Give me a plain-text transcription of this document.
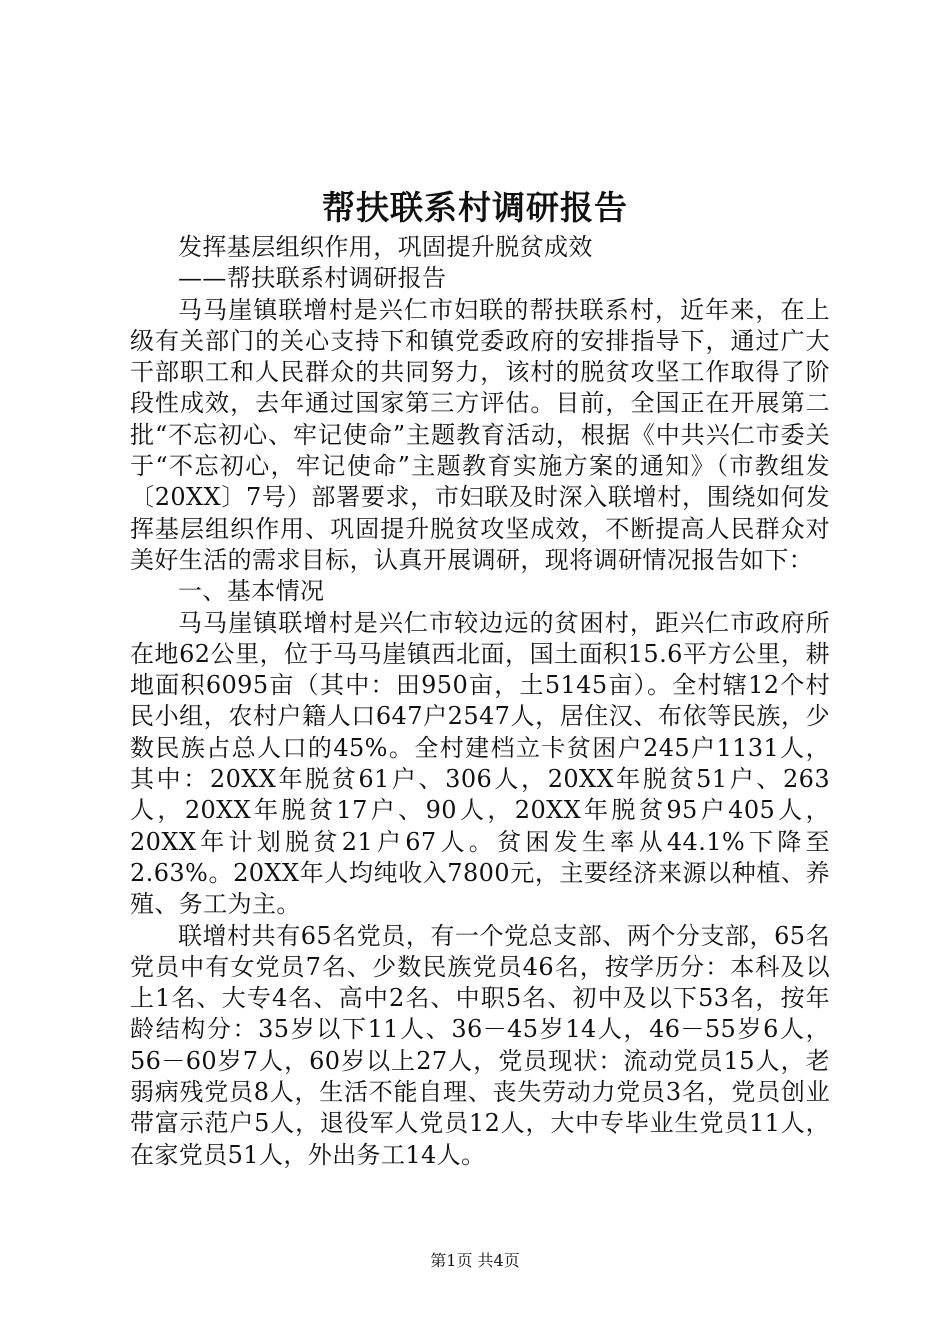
帮扶联系村调研报告

发挥基层组织作用，巩固提升脱贫成效

——帮扶联系村调研报告

马马崖镇联增村是兴仁市妇联的帮扶联系村，近年来，在上级有关部门的关心支持下和镇党委政府的安排指导下，通过广大干部职工和人民群众的共同努力，该村的脱贫攻坚工作取得了阶段性成效，去年通过国家第三方评估。目前，全国正在开展第二批“不忘初心、牢记使命”主题教育活动，根据《中共兴仁市委关于“不忘初心，牢记使命”主题教育实施方案的通知》（市教组发〔20XX〕7号）部署要求，市妇联及时深入联增村，围绕如何发挥基层组织作用、巩固提升脱贫攻坚成效，不断提高人民群众对美好生活的需求目标，认真开展调研，现将调研情况报告如下：

一、基本情况

马马崖镇联增村是兴仁市较边远的贫困村，距兴仁市政府所在地62公里，位于马马崖镇西北面，国土面积15.6平方公里，耕地面积6095亩（其中：田950亩，土5145亩）。全村辖12个村民小组，农村户籍人口647户2547人，居住汉、布依等民族，少数民族占总人口的45%。全村建档立卡贫困户245户1131人，其中：20XX年脱贫61户、306人，20XX年脱贫51户、263人，20XX年脱贫17户、90人，20XX年脱贫95户405人，20XX年计划脱贫21户67人。贫困发生率从44.1%下降至2.63%。20XX年人均纯收入7800元，主要经济来源以种植、养殖、务工为主。

联增村共有65名党员，有一个党总支部、两个分支部，65名党员中有女党员7名、少数民族党员46名，按学历分：本科及以上1名、大专4名、高中2名、中职5名、初中及以下53名，按年龄结构分：35岁以下11人、36－45岁14人，46－55岁6人，56－60岁7人，60岁以上27人，党员现状：流动党员15人，老弱病残党员8人，生活不能自理、丧失劳动力党员3名，党员创业带富示范户5人，退役军人党员12人，大中专毕业生党员11人，在家党员51人，外出务工14人。

第1页 共4页
